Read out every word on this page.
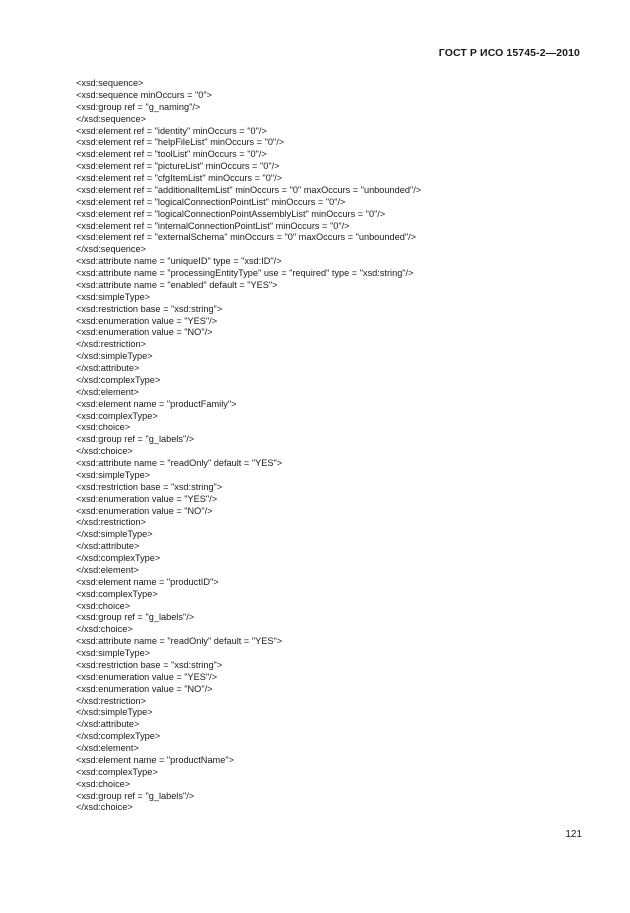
ГОСТ Р ИСО 15745-2—2010
<xsd:sequence>
<xsd:sequence minOccurs = "0">
<xsd:group ref = "g_naming"/>
</xsd:sequence>
<xsd:element ref = "identity" minOccurs = "0"/>
<xsd:element ref = "helpFileList" minOccurs = "0"/>
<xsd:element ref = "toolList" minOccurs = "0"/>
<xsd:element ref = "pictureList" minOccurs = "0"/>
<xsd:element ref = "cfgItemList" minOccurs = "0"/>
<xsd:element ref = "additionalItemList" minOccurs = "0" maxOccurs = "unbounded"/>
<xsd:element ref = "logicalConnectionPointList" minOccurs = "0"/>
<xsd:element ref = "logicalConnectionPointAssemblyList" minOccurs = "0"/>
<xsd:element ref = "internalConnectionPointList" minOccurs = "0"/>
<xsd:element ref = "externalSchema" minOccurs = "0" maxOccurs = "unbounded"/>
</xsd:sequence>
<xsd:attribute name = "uniqueID" type = "xsd:ID"/>
<xsd:attribute name = "processingEntityType" use = "required" type = "xsd:string"/>
<xsd:attribute name = "enabled" default = "YES">
<xsd:simpleType>
<xsd:restriction base = "xsd:string">
<xsd:enumeration value = "YES"/>
<xsd:enumeration value = "NO"/>
</xsd:restriction>
</xsd:simpleType>
</xsd:attribute>
</xsd:complexType>
</xsd:element>
<xsd:element name = "productFamily">
<xsd:complexType>
<xsd:choice>
<xsd:group ref = "g_labels"/>
</xsd:choice>
<xsd:attribute name = "readOnly" default = "YES">
<xsd:simpleType>
<xsd:restriction base = "xsd:string">
<xsd:enumeration value = "YES"/>
<xsd:enumeration value = "NO"/>
</xsd:restriction>
</xsd:simpleType>
</xsd:attribute>
</xsd:complexType>
</xsd:element>
<xsd:element name = "productID">
<xsd:complexType>
<xsd:choice>
<xsd:group ref = "g_labels"/>
</xsd:choice>
<xsd:attribute name = "readOnly" default = "YES">
<xsd:simpleType>
<xsd:restriction base = "xsd:string">
<xsd:enumeration value = "YES"/>
<xsd:enumeration value = "NO"/>
</xsd:restriction>
</xsd:simpleType>
</xsd:attribute>
</xsd:complexType>
</xsd:element>
<xsd:element name = "productName">
<xsd:complexType>
<xsd:choice>
<xsd:group ref = "g_labels"/>
</xsd:choice>
121
